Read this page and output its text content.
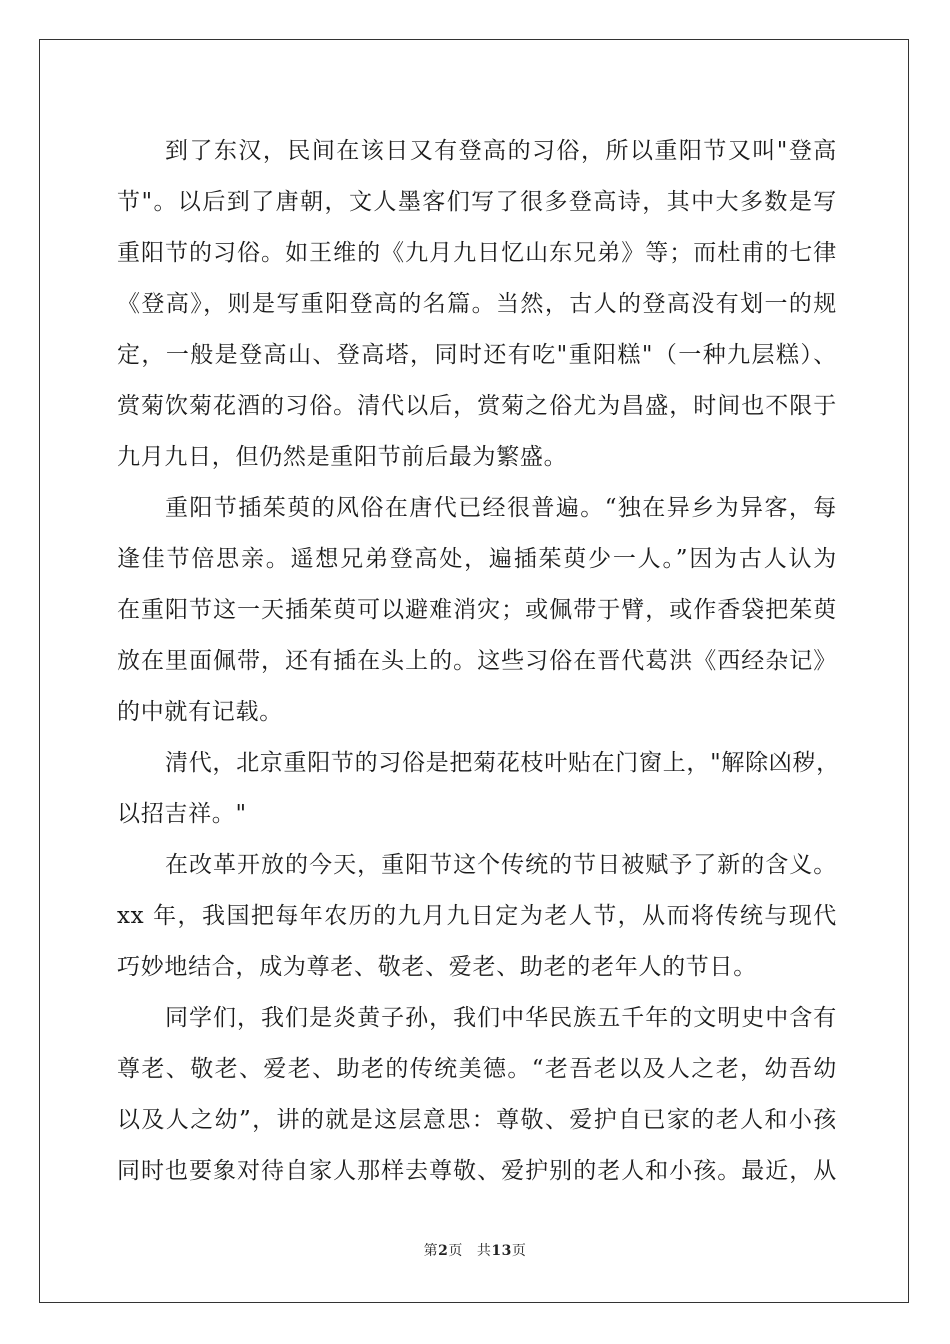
到了东汉，民间在该日又有登高的习俗，所以重阳节又叫"登高
节"。以后到了唐朝，文人墨客们写了很多登高诗，其中大多数是写
重阳节的习俗。如王维的《九月九日忆山东兄弟》等；而杜甫的七律
《登高》，则是写重阳登高的名篇。当然，古人的登高没有划一的规
定，一般是登高山、登高塔，同时还有吃"重阳糕"（一种九层糕）、
赏菊饮菊花酒的习俗。清代以后，赏菊之俗尤为昌盛，时间也不限于
九月九日，但仍然是重阳节前后最为繁盛。
重阳节插茱萸的风俗在唐代已经很普遍。“独在异乡为异客，每
逢佳节倍思亲。遥想兄弟登高处，遍插茱萸少一人。”因为古人认为
在重阳节这一天插茱萸可以避难消灾；或佩带于臂，或作香袋把茱萸
放在里面佩带，还有插在头上的。这些习俗在晋代葛洪《西经杂记》
的中就有记载。
清代，北京重阳节的习俗是把菊花枝叶贴在门窗上，"解除凶秽，
以招吉祥。"
在改革开放的今天，重阳节这个传统的节日被赋予了新的含义。
xx 年，我国把每年农历的九月九日定为老人节，从而将传统与现代
巧妙地结合，成为尊老、敬老、爱老、助老的老年人的节日。
同学们，我们是炎黄子孙，我们中华民族五千年的文明史中含有
尊老、敬老、爱老、助老的传统美德。“老吾老以及人之老，幼吾幼
以及人之幼”，讲的就是这层意思：尊敬、爱护自已家的老人和小孩
同时也要象对待自家人那样去尊敬、爱护别的老人和小孩。最近，从
第2页 共13页
